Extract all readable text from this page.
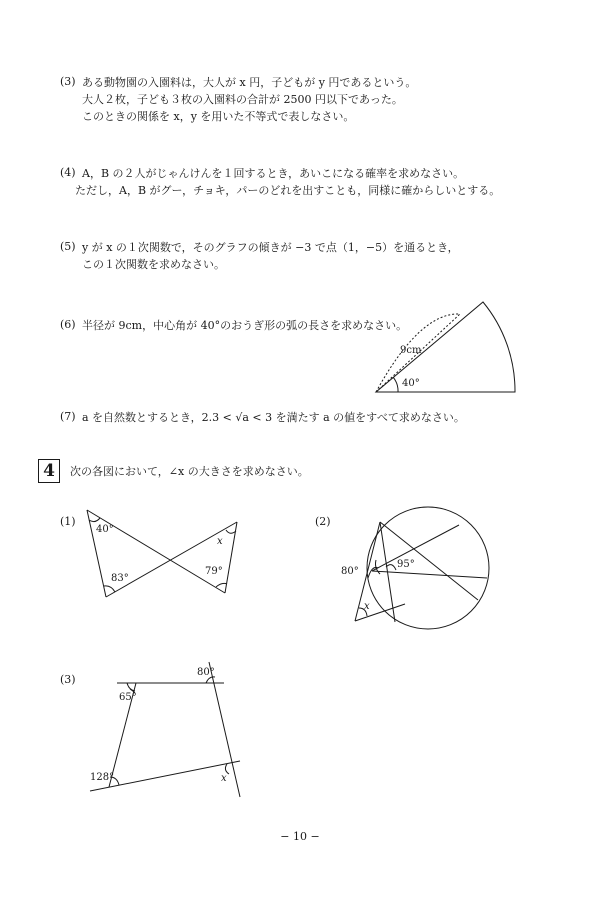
(3) ある動物園の入園料は，大人が x 円，子どもが y 円であるという。
大人２枚，子ども３枚の入園料の合計が 2500 円以下であった。
このときの関係を x，y を用いた不等式で表しなさい。
(4) A，B の２人がじゃんけんを１回するとき，あいこになる確率を求めなさい。
ただし，A，B がグー，チョキ，パーのどれを出すことも，同様に確からしいとする。
(5) y が x の１次関数で，そのグラフの傾きが −3 で点（1，−5）を通るとき，
この１次関数を求めなさい。
(6) 半径が 9cm，中心角が 40°のおうぎ形の弧の長さを求めなさい。
9cm
40°
(7) a を自然数とするとき，2.3 < √a < 3 を満たす a の値をすべて求めなさい。
4 次の各図において，∠x の大きさを求めなさい。
(1)
40°
83°
79°
x
(2)
80°
95°
x
(3)
80°
65°
128°	x
− 10 −
